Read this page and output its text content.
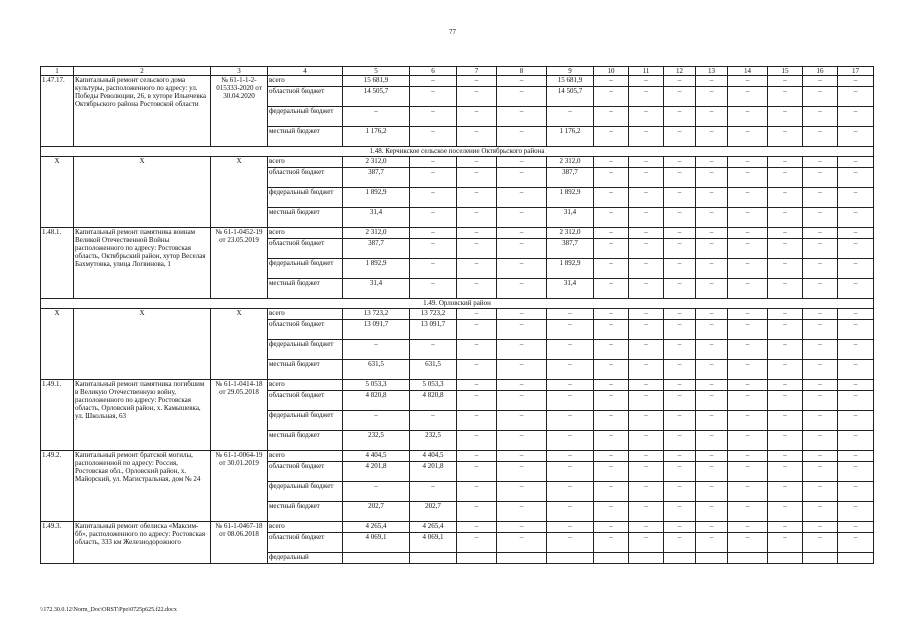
77
1	2	3	4	5	6	7	8	9	10	11	12	13	14	15	16	17
1.47.17.	Капитальный ремонт сельского дома культуры, расположенного по адресу: ул. Победы Революции, 26, в хуторе Ильичевка Октябрьского района Ростовской области	№ 61-1-1-2-015333-2020 от 30.04.2020	всего	15 681,9	–	–	–	15 681,9	–	–	–	–	–	–	–	–
			областной бюджет	14 505,7	–	–	–	14 505,7	–	–	–	–	–	–	–	–
			федеральный бюджет	–	–	–	–	–	–	–	–	–	–	–	–	–
			местный бюджет	1 176,2	–	–	–	1 176,2	–	–	–	–	–	–	–	–
1.48. Керчикское сельское поселение Октябрьского района																
Х	Х	Х	всего	2 312,0	–	–	–	2 312,0	–	–	–	–	–	–	–	–
			областной бюджет	387,7	–	–	–	387,7	–	–	–	–	–	–	–	–
			федеральный бюджет	1 892,9	–	–	–	1 892,9	–	–	–	–	–	–	–	–
			местный бюджет	31,4	–	–	–	31,4	–	–	–	–	–	–	–	–
1.48.1.	Капитальный ремонт памятника воинам Великой Отечественной Войны расположенного по адресу: Ростовская область, Октябрьский район, хутор Веселая Бахмутовка, улица Логвинова, 1	№ 61-1-0452-19 от 23.05.2019	всего	2 312,0	–	–	–	2 312,0	–	–	–	–	–	–	–	–
			областной бюджет	387,7	–	–	–	387,7	–	–	–	–	–	–	–	–
			федеральный бюджет	1 892,9	–	–	–	1 892,9	–	–	–	–	–	–	–	–
			местный бюджет	31,4	–	–	–	31,4	–	–	–	–	–	–	–	–
1.49. Орловский район																
Х	Х	Х	всего	13 723,2	13 723,2	–	–	–	–	–	–	–	–	–	–	–
			областной бюджет	13 091,7	13 091,7	–	–	–	–	–	–	–	–	–	–	–
			федеральный бюджет	–	–	–	–	–	–	–	–	–	–	–	–	–
			местный бюджет	631,5	631,5	–	–	–	–	–	–	–	–	–	–	–
1.49.1.	Капитальный ремонт памятника погибшим в Великую Отечественную войну, расположенного по адресу: Ростовская область, Орловский район, х. Камышевка, ул. Школьная, 63	№ 61-1-0414-18 от 29.05.2018	всего	5 053,3	5 053,3	–	–	–	–	–	–	–	–	–	–	–
			областной бюджет	4 820,8	4 820,8	–	–	–	–	–	–	–	–	–	–	–
			федеральный бюджет	–	–	–	–	–	–	–	–	–	–	–	–	–
			местный бюджет	232,5	232,5	–	–	–	–	–	–	–	–	–	–	–
1.49.2.	Капитальный ремонт братской могилы, расположенной по адресу: Россия, Ростовская обл., Орловский район, х. Майорский, ул. Магистральная, дом № 24	№ 61-1-0064-19 от 30.01.2019	всего	4 404,5	4 404,5	–	–	–	–	–	–	–	–	–	–	–
			областной бюджет	4 201,8	4 201,8	–	–	–	–	–	–	–	–	–	–	–
			федеральный бюджет	–	–	–	–	–	–	–	–	–	–	–	–	–
			местный бюджет	202,7	202,7	–	–	–	–	–	–	–	–	–	–	–
1.49.3.	Капитальный ремонт обелиска «Максим-бб», расположенного по адресу: Ростовская область, 333 км Железнодорожного	№ 61-1-0467-18 от 08.06.2018	всего	4 265,4	4 265,4	–	–	–	–	–	–	–	–	–	–	–
			областной бюджет	4 069,1	4 069,1	–	–	–	–	–	–	–	–	–	–	–
			федеральный													
\\172.30.0.12\Norm_Doc\ORST\Ppo\0725p625.f22.docx
